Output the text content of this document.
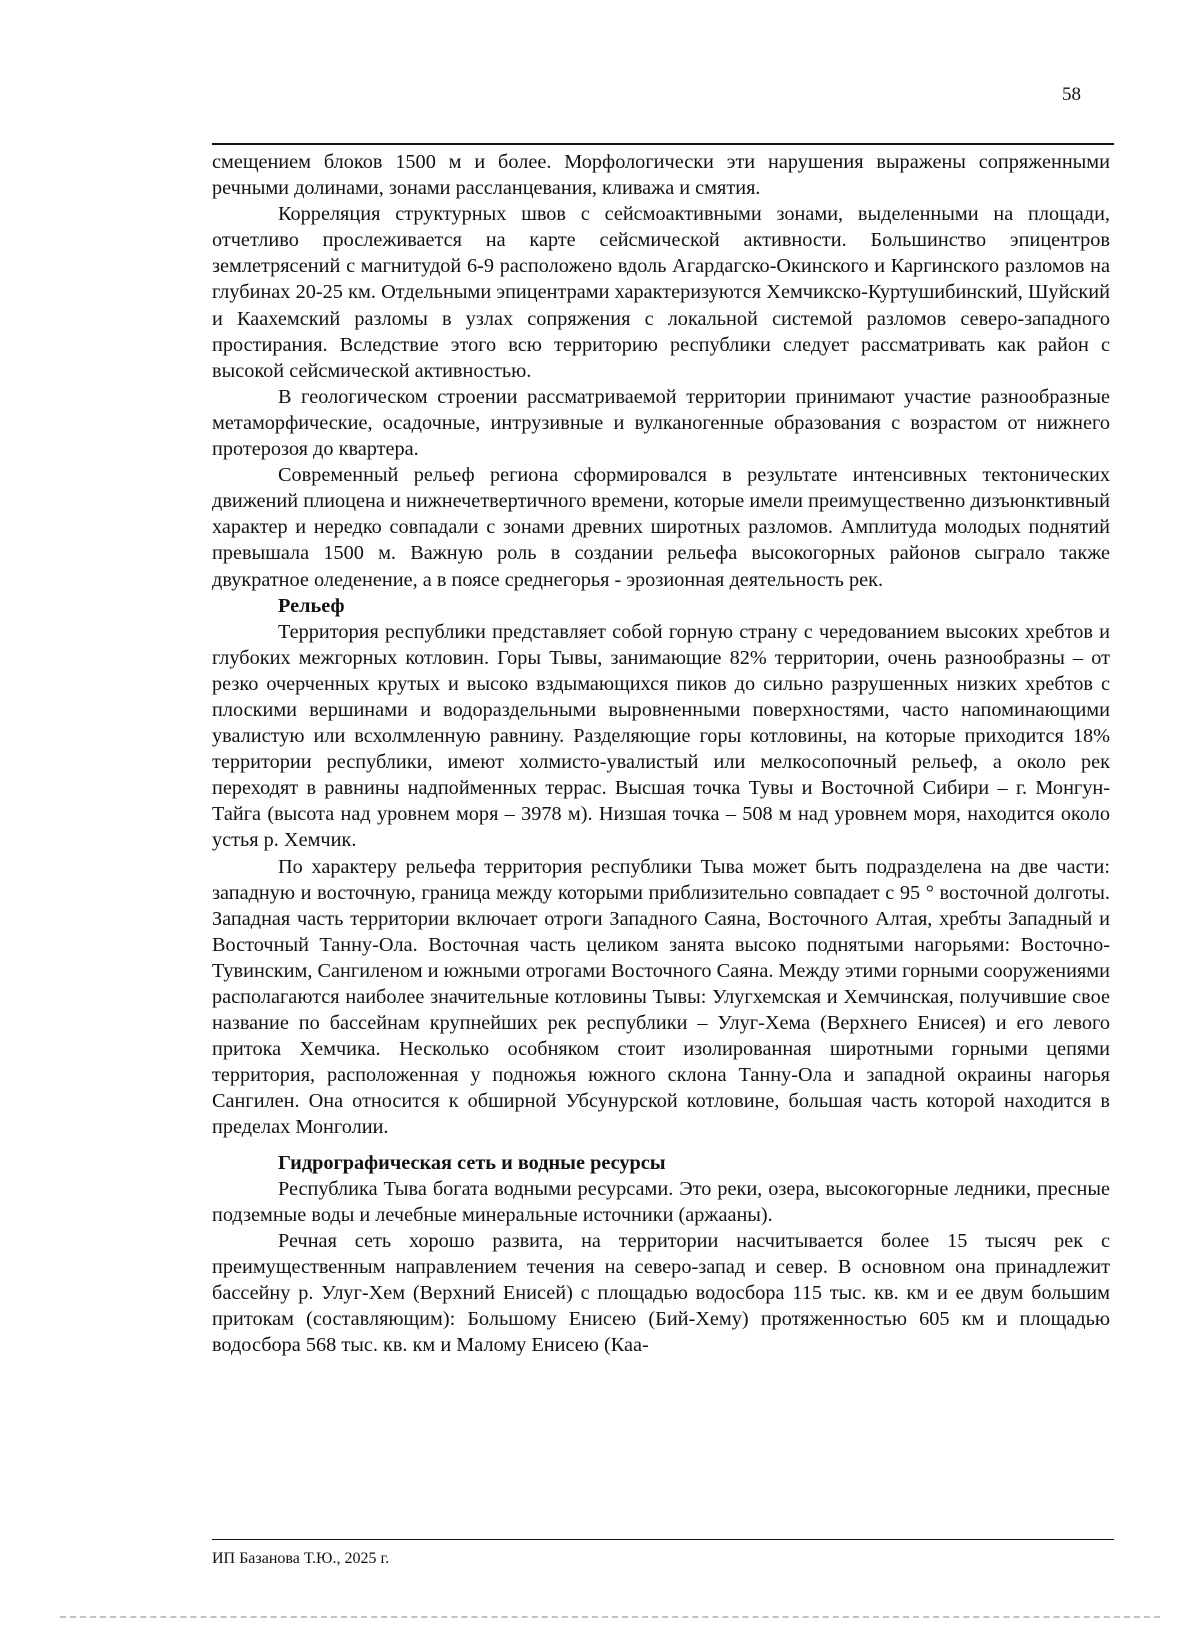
58

смещением блоков 1500 м и более. Морфологически эти нарушения выражены сопряженными речными долинами, зонами рассланцевания, кливажа и смятия.

Корреляция структурных швов с сейсмоактивными зонами, выделенными на площади, отчетливо прослеживается на карте сейсмической активности. Большинство эпицентров землетрясений с магнитудой 6-9 расположено вдоль Агардагско-Окинского и Каргинского разломов на глубинах 20-25 км. Отдельными эпицентрами характеризуются Хемчикско-Куртушибинский, Шуйский и Каахемский разломы в узлах сопряжения с локальной системой разломов северо-западного простирания. Вследствие этого всю территорию республики следует рассматривать как район с высокой сейсмической активностью.

В геологическом строении рассматриваемой территории принимают участие разнообразные метаморфические, осадочные, интрузивные и вулканогенные образования с возрастом от нижнего протерозоя до квартера.

Современный рельеф региона сформировался в результате интенсивных тектонических движений плиоцена и нижнечетвертичного времени, которые имели преимущественно дизъюнктивный характер и нередко совпадали с зонами древних широтных разломов. Амплитуда молодых поднятий превышала 1500 м. Важную роль в создании рельефа высокогорных районов сыграло также двукратное оледенение, а в поясе среднегорья - эрозионная деятельность рек.

Рельеф

Территория республики представляет собой горную страну с чередованием высоких хребтов и глубоких межгорных котловин. Горы Тывы, занимающие 82% территории, очень разнообразны – от резко очерченных крутых и высоко вздымающихся пиков до сильно разрушенных низких хребтов с плоскими вершинами и водораздельными выровненными поверхностями, часто напоминающими увалистую или всхолмленную равнину. Разделяющие горы котловины, на которые приходится 18% территории республики, имеют холмисто-увалистый или мелкосопочный рельеф, а около рек переходят в равнины надпойменных террас. Высшая точка Тувы и Восточной Сибири – г. Монгун-Тайга (высота над уровнем моря – 3978 м). Низшая точка – 508 м над уровнем моря, находится около устья р. Хемчик.

По характеру рельефа территория республики Тыва может быть подразделена на две части: западную и восточную, граница между которыми приблизительно совпадает с 95 ° восточной долготы. Западная часть территории включает отроги Западного Саяна, Восточного Алтая, хребты Западный и Восточный Танну-Ола. Восточная часть целиком занята высоко поднятыми нагорьями: Восточно-Тувинским, Сангиленом и южными отрогами Восточного Саяна. Между этими горными сооружениями располагаются наиболее значительные котловины Тывы: Улугхемская и Хемчинская, получившие свое название по бассейнам крупнейших рек республики – Улуг-Хема (Верхнего Енисея) и его левого притока Хемчика. Несколько особняком стоит изолированная широтными горными цепями территория, расположенная у подножья южного склона Танну-Ола и западной окраины нагорья Сангилен. Она относится к обширной Убсунурской котловине, большая часть которой находится в пределах Монголии.

Гидрографическая сеть и водные ресурсы

Республика Тыва богата водными ресурсами. Это реки, озера, высокогорные ледники, пресные подземные воды и лечебные минеральные источники (аржааны).

Речная сеть хорошо развита, на территории насчитывается более 15 тысяч рек с преимущественным направлением течения на северо-запад и север. В основном она принадлежит бассейну р. Улуг-Хем (Верхний Енисей) с площадью водосбора 115 тыс. кв. км и ее двум большим притокам (составляющим): Большому Енисею (Бий-Хему) протяженностью 605 км и площадью водосбора 568 тыс. кв. км и Малому Енисею (Каа-

ИП Базанова Т.Ю., 2025 г.
